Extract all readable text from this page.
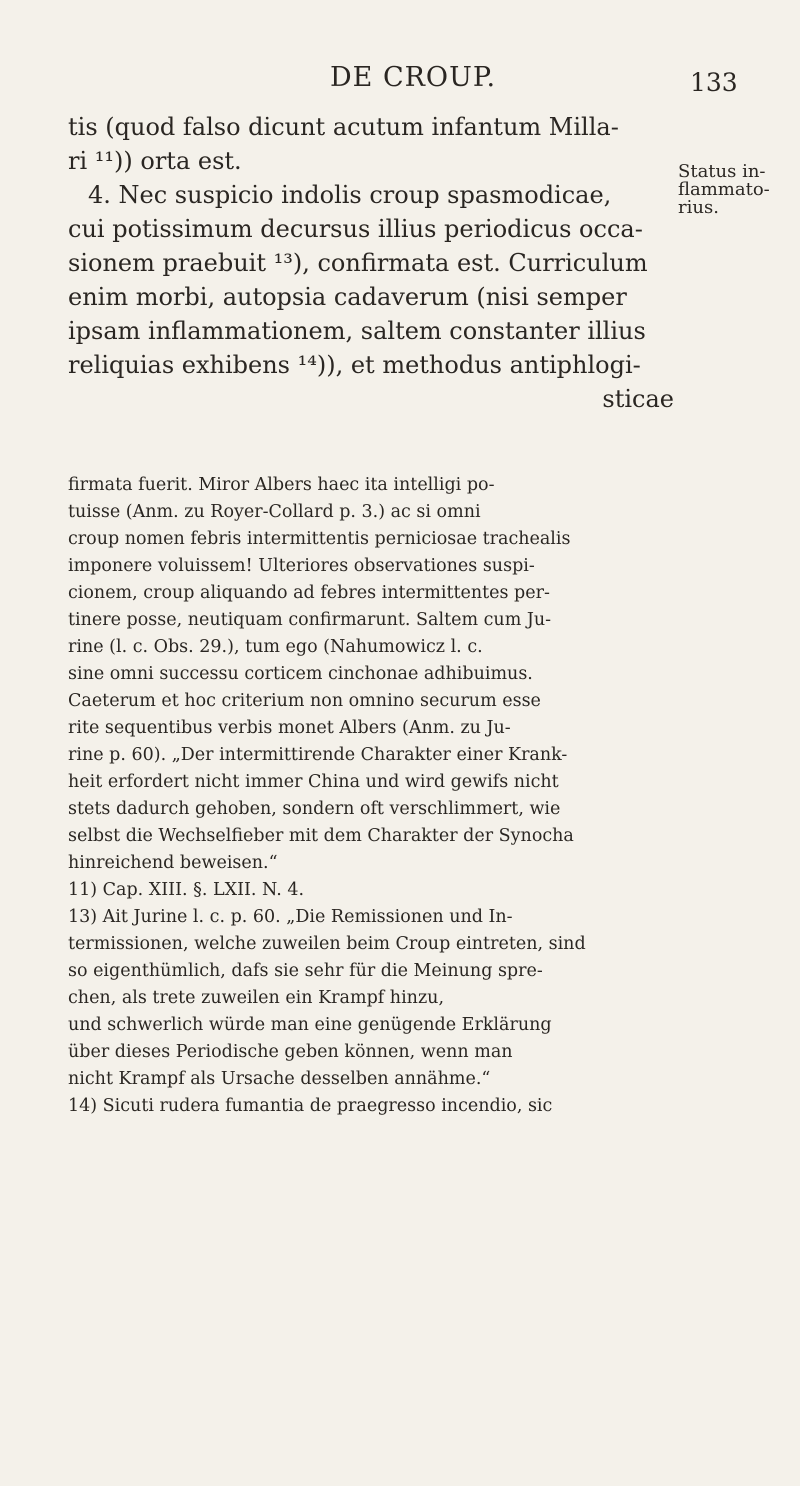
DE CROUP.	133
tis (quod falso dicunt acutum infantum Milla-
ri ¹¹)) orta est.
4. Nec suspicio indolis croup spasmodicae,
cui potissimum decursus illius periodicus occa-
sionem praebuit ¹³), confirmata est. Curriculum
enim morbi, autopsia cadaverum (nisi semper
ipsam inflammationem, saltem constanter illius
reliquias exhibens ¹⁴)), et methodus antiphlogi-
sticae
Status in-
flammato-
rius.
firmata fuerit. Miror Albers haec ita intelligi po-
tuisse (Anm. zu Royer-Collard p. 3.) ac si omni
croup nomen febris intermittentis perniciosae trachealis
imponere voluissem! Ulteriores observationes suspi-
cionem, croup aliquando ad febres intermittentes per-
tinere posse, neutiquam confirmarunt. Saltem cum Ju-
rine (l. c. Obs. 29.), tum ego (Nahumowicz l. c.
sine omni successu corticem cinchonae adhibuimus.
Caeterum et hoc criterium non omnino securum esse
rite sequentibus verbis monet Albers (Anm. zu Ju-
rine p. 60). „Der intermittirende Charakter einer Krank-
heit erfordert nicht immer China und wird gewifs nicht
stets dadurch gehoben, sondern oft verschlimmert, wie
selbst die Wechselfieber mit dem Charakter der Synocha
hinreichend beweisen.“
11) Cap. XIII. §. LXII. N. 4.
13) Ait Jurine l. c. p. 60. „Die Remissionen und In-
termissionen, welche zuweilen beim Croup eintreten, sind
so eigenthümlich, dafs sie sehr für die Meinung spre-
chen, als trete zuweilen ein Krampf hinzu,
und schwerlich würde man eine genügende Erklärung
über dieses Periodische geben können, wenn man
nicht Krampf als Ursache desselben annähme.“
14) Sicuti rudera fumantia de praegresso incendio, sic
